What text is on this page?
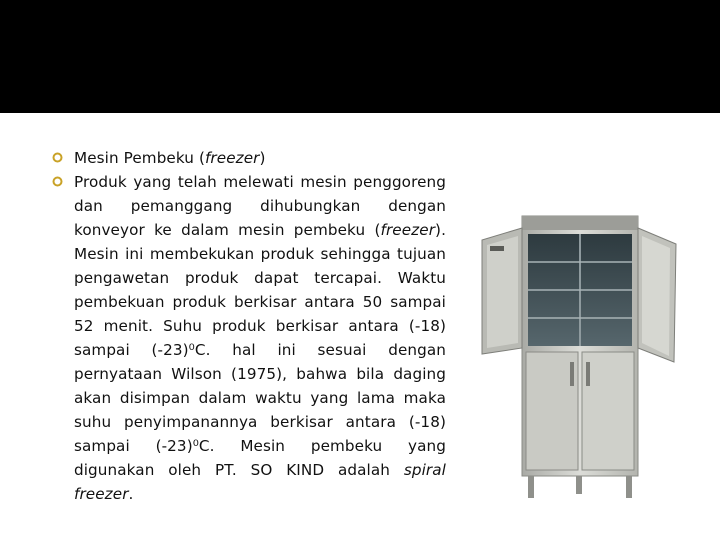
Mesin Pembeku (freezer)
Produk yang telah melewati mesin penggoreng dan pemanggang dihubungkan dengan konveyor ke dalam mesin pembeku (freezer). Mesin ini membekukan produk sehingga tujuan pengawetan produk dapat tercapai. Waktu pembekuan produk berkisar antara 50 sampai 52 menit. Suhu produk berkisar antara (-18) sampai (-23)⁰C. hal ini sesuai dengan pernyataan Wilson (1975), bahwa bila daging akan disimpan dalam waktu yang lama maka suhu penyimpanannya berkisar antara (-18) sampai (-23)⁰C. Mesin pembeku yang digunakan oleh PT. SO KIND adalah spiral freezer.
